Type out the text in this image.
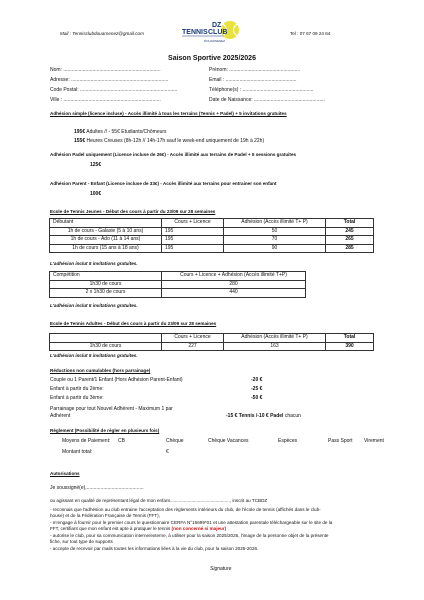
Mail : Tennisclubdouarnenez@gmail.com	TENNIS CLUB
DZ
DOUARNENEZ
Tel : 07 67 09 24 64
Saison Sportive 2025/2026
Nom: ......................................................................
Adresse: ......................................................................
Code Postal: ......................................................................
Ville : ......................................................................
Prénom: ...................................................
Email : ...................................................
Téléphone(s) : ...................................................
Date de Naissance: ...................................................
Adhésion simple (licence incluse) - Accès illimité à tous les terrains (Tennis + Padel) + 5 invitations gratuites
195€ Adultes // - 55€ Etudiants/Chômeurs
155€ Heures Creuses (8h-12h // 14h-17h sauf le week-end uniquement de 19h à 22h)
Adhésion Padel uniquement (Licence incluse de 26€) - Accès illimité aux terrains de Padel + 5 sessions gratuites
125€
Adhésion Parent - Enfant (Licence incluse de 33€) - Accès illimité aux terrains pour entrainer son enfant
100€
Ecole de Tennis Jeunes - Début des cours à partir du 23/09 sur 28 semaines
Débutant	Cours + Licence	Adhésion (Accès illimité T+ P)	Total
1h de cours - Galaxie (5 à 10 ans)	195	50	245
1h de cours - Ado (11 à 14 ans)	195	70	265
1h de cours (15 ans à 18 ans)	195	90	285
L'adhésion inclut 5 invitations gratuites.
Compétition	Cours + Licence + Adhésion (Accès illimité T+P)
1h30 de cours	280
2 x 1h30 de cours	440
L'adhésion inclut 5 invitations gratuites.
Ecole de Tennis Adultes - Début des cours à partir du 23/09 sur 28 semaines
	Cours + Licence	Adhésion (Accès illimité T+ P)	Total
1h30 de cours	227	163	390
L'adhésion inclut 5 invitations gratuites.
Réductions non cumulables (hors parrainage)
Couple ou 1 Parent/1 Enfant (Hors Adhésion Parent-Enfant)	-20 €
Enfant à partir du 2ème:	-25 €
Enfant à partir du 3ème:	-50 €
Parrainage pour tout Nouvel Adhérent - Maximum 1 par
Adhérent	-15 € Tennis /-10 € Padel chacun
Règlement (Possibilité de régler en plusieurs fois)
Moyens de Paiement: CB	Chèque	Chèque Vacances	Espèces	Pass Sport Virement
Montant total:	€
Autorisations
Je soussigné(e),.........................................
ou agissant en qualité de représentant légal de mon enfant..............................................., inscrit au TCBDZ
- reconnais que l'adhésion au club entraine l'acceptation des règlements intérieurs du club, de l'école de tennis (affichés dans le club-
house) et de la Fédération Française de Tennis (FFT),
- m'engage à fournir pour le premier cours le questionnaire CERFA N°15699*01 et une attestation parentale téléchargeable sur le site de la
FFT, certifiant que mon enfant est apte à pratiquer le tennis (non concerné si majeur)
- autorise le club, pour sa communication interne/externe, à utiliser pour la saison 2025/2026, l'image de la personne objet de la présente
fiche, sur tout type de supports
- accepte de recevoir par mails toutes les informations liées à la vie du club, pour la saison 2025-2026.
Signature
